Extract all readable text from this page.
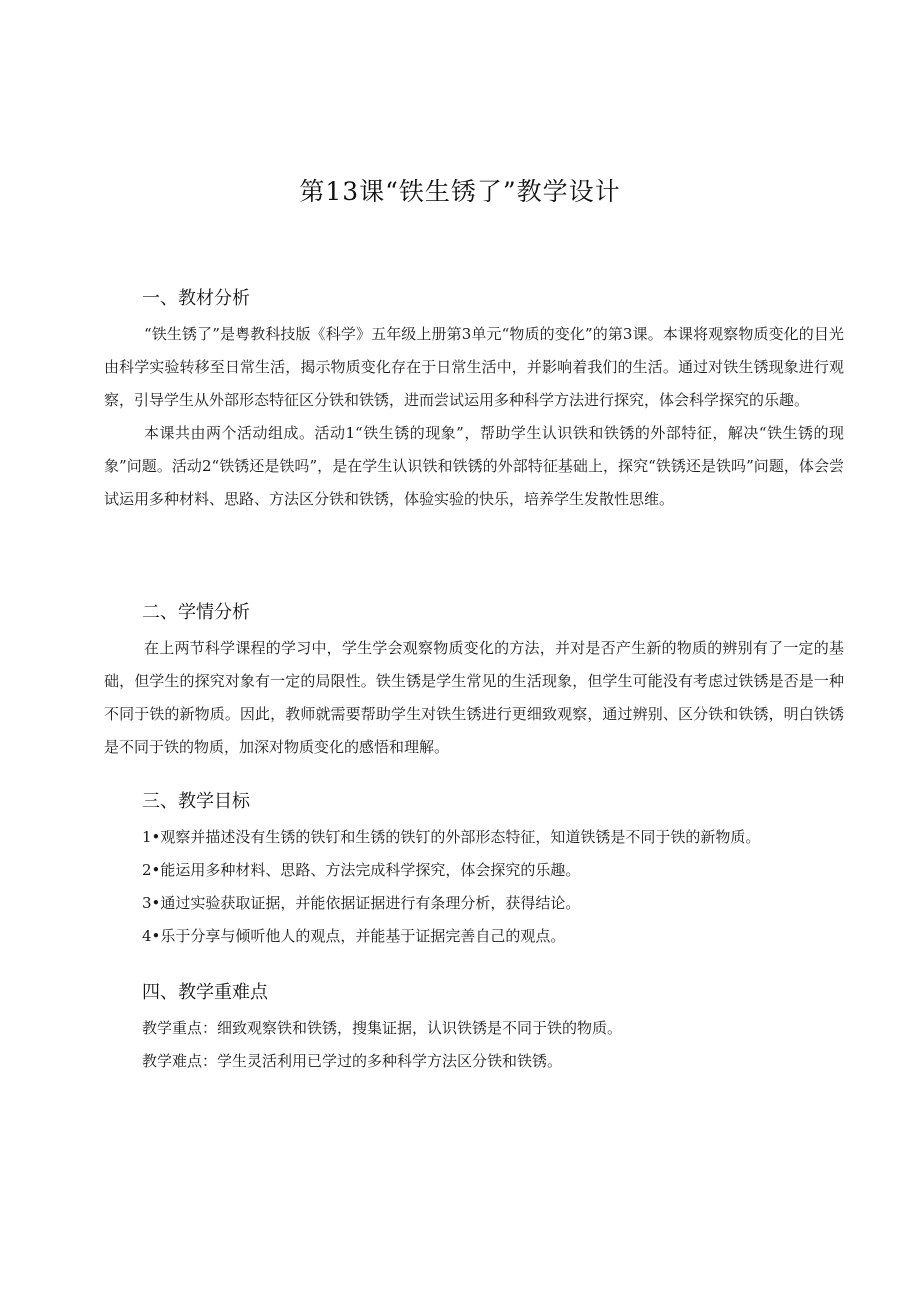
第13课“铁生锈了”教学设计
一、教材分析

“铁生锈了”是粤教科技版《科学》五年级上册第3单元“物质的变化”的第3课。本课将观察物质变化的目光由科学实验转移至日常生活，揭示物质变化存在于日常生活中，并影响着我们的生活。通过对铁生锈现象进行观察，引导学生从外部形态特征区分铁和铁锈，进而尝试运用多种科学方法进行探究，体会科学探究的乐趣。

本课共由两个活动组成。活动1“铁生锈的现象”，帮助学生认识铁和铁锈的外部特征，解决“铁生锈的现象”问题。活动2“铁锈还是铁吗”，是在学生认识铁和铁锈的外部特征基础上，探究“铁锈还是铁吗”问题，体会尝试运用多种材料、思路、方法区分铁和铁锈，体验实验的快乐，培养学生发散性思维。

二、学情分析

在上两节科学课程的学习中，学生学会观察物质变化的方法，并对是否产生新的物质的辨别有了一定的基础，但学生的探究对象有一定的局限性。铁生锈是学生常见的生活现象，但学生可能没有考虑过铁锈是否是一种不同于铁的新物质。因此，教师就需要帮助学生对铁生锈进行更细致观察，通过辨别、区分铁和铁锈，明白铁锈是不同于铁的物质，加深对物质变化的感悟和理解。

三、教学目标

1•观察并描述没有生锈的铁钉和生锈的铁钉的外部形态特征，知道铁锈是不同于铁的新物质。

2•能运用多种材料、思路、方法完成科学探究，体会探究的乐趣。

3•通过实验获取证据，并能依据证据进行有条理分析，获得结论。

4•乐于分享与倾听他人的观点，并能基于证据完善自己的观点。

四、教学重难点

教学重点：细致观察铁和铁锈，搜集证据，认识铁锈是不同于铁的物质。

教学难点：学生灵活利用已学过的多种科学方法区分铁和铁锈。
